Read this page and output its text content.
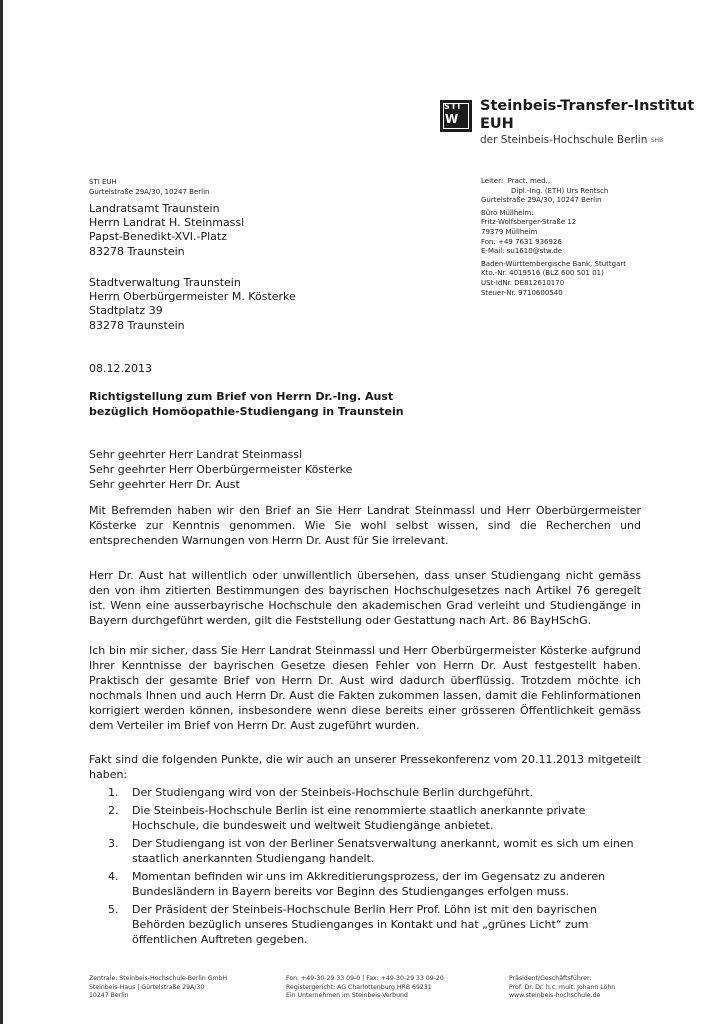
STI
W
Steinbeis-Transfer-Institut
EUH
der Steinbeis-Hochschule Berlin SHB
STI EUH
Gürtelstraße 29A/30, 10247 Berlin
Landratsamt Traunstein
Herrn Landrat H. Steinmassl
Papst-Benedikt-XVI.-Platz
83278 Traunstein
Stadtverwaltung Traunstein
Herrn Oberbürgermeister M. Kösterke
Stadtplatz 39
83278 Traunstein
Leiter: Pract. med.,
Dipl.-Ing. (ETH) Urs Rentsch
Gürtelstraße 29A/30, 10247 Berlin
Büro Müllheim:
Fritz-Wolfsberger-Straße 12
79379 Müllheim
Fon: +49 7631 936926
E-Mail: su1610@stw.de
Baden-Württembergische Bank, Stuttgart
Kto.-Nr. 4019516 (BLZ 600 501 01)
USt-IdNr. DE812610170
Steuer-Nr. 9710600540
08.12.2013
Richtigstellung zum Brief von Herrn Dr.-Ing. Aust
bezüglich Homöopathie-Studiengang in Traunstein
Sehr geehrter Herr Landrat Steinmassl
Sehr geehrter Herr Oberbürgermeister Kösterke
Sehr geehrter Herr Dr. Aust
Mit Befremden haben wir den Brief an Sie Herr Landrat Steinmassl und Herr Oberbürgermeister Kösterke zur Kenntnis genommen. Wie Sie wohl selbst wissen, sind die Recherchen und entsprechenden Warnungen von Herrn Dr. Aust für Sie irrelevant.
Herr Dr. Aust hat willentlich oder unwillentlich übersehen, dass unser Studiengang nicht gemäss den von ihm zitierten Bestimmungen des bayrischen Hochschulgesetzes nach Artikel 76 geregelt ist. Wenn eine ausserbayrische Hochschule den akademischen Grad verleiht und Studiengänge in Bayern durchgeführt werden, gilt die Feststellung oder Gestattung nach Art. 86 BayHSchG.
Ich bin mir sicher, dass Sie Herr Landrat Steinmassl und Herr Oberbürgermeister Kösterke aufgrund Ihrer Kenntnisse der bayrischen Gesetze diesen Fehler von Herrn Dr. Aust festgestellt haben. Praktisch der gesamte Brief von Herrn Dr. Aust wird dadurch überflüssig. Trotzdem möchte ich nochmals Ihnen und auch Herrn Dr. Aust die Fakten zukommen lassen, damit die Fehlinformationen korrigiert werden können, insbesondere wenn diese bereits einer grösseren Öffentlichkeit gemäss dem Verteiler im Brief von Herrn Dr. Aust zugeführt wurden.
Fakt sind die folgenden Punkte, die wir auch an unserer Pressekonferenz vom 20.11.2013 mitgeteilt haben:
1.	Der Studiengang wird von der Steinbeis-Hochschule Berlin durchgeführt.
2.	Die Steinbeis-Hochschule Berlin ist eine renommierte staatlich anerkannte private Hochschule, die bundesweit und weltweit Studiengänge anbietet.
3.	Der Studiengang ist von der Berliner Senatsverwaltung anerkannt, womit es sich um einen staatlich anerkannten Studiengang handelt.
4.	Momentan befinden wir uns im Akkreditierungsprozess, der im Gegensatz zu anderen Bundesländern in Bayern bereits vor Beginn des Studienganges erfolgen muss.
5.	Der Präsident der Steinbeis-Hochschule Berlin Herr Prof. Löhn ist mit den bayrischen Behörden bezüglich unseres Studienganges in Kontakt und hat „grünes Licht“ zum öffentlichen Auftreten gegeben.
Zentrale: Steinbeis-Hochschule-Berlin GmbH
Steinbeis-Haus | Gürtelstraße 29A/30
10247 Berlin
Fon: +49-30-29 33 09-0 | Fax: +49-30-29 33 09-20
Registergericht: AG Charlottenburg HRB 69231
Ein Unternehmen im Steinbeis-Verbund
Präsident/Geschäftsführer:
Prof. Dr. Dr. h.c. mult. Johann Löhn
www.steinbeis-hochschule.de
